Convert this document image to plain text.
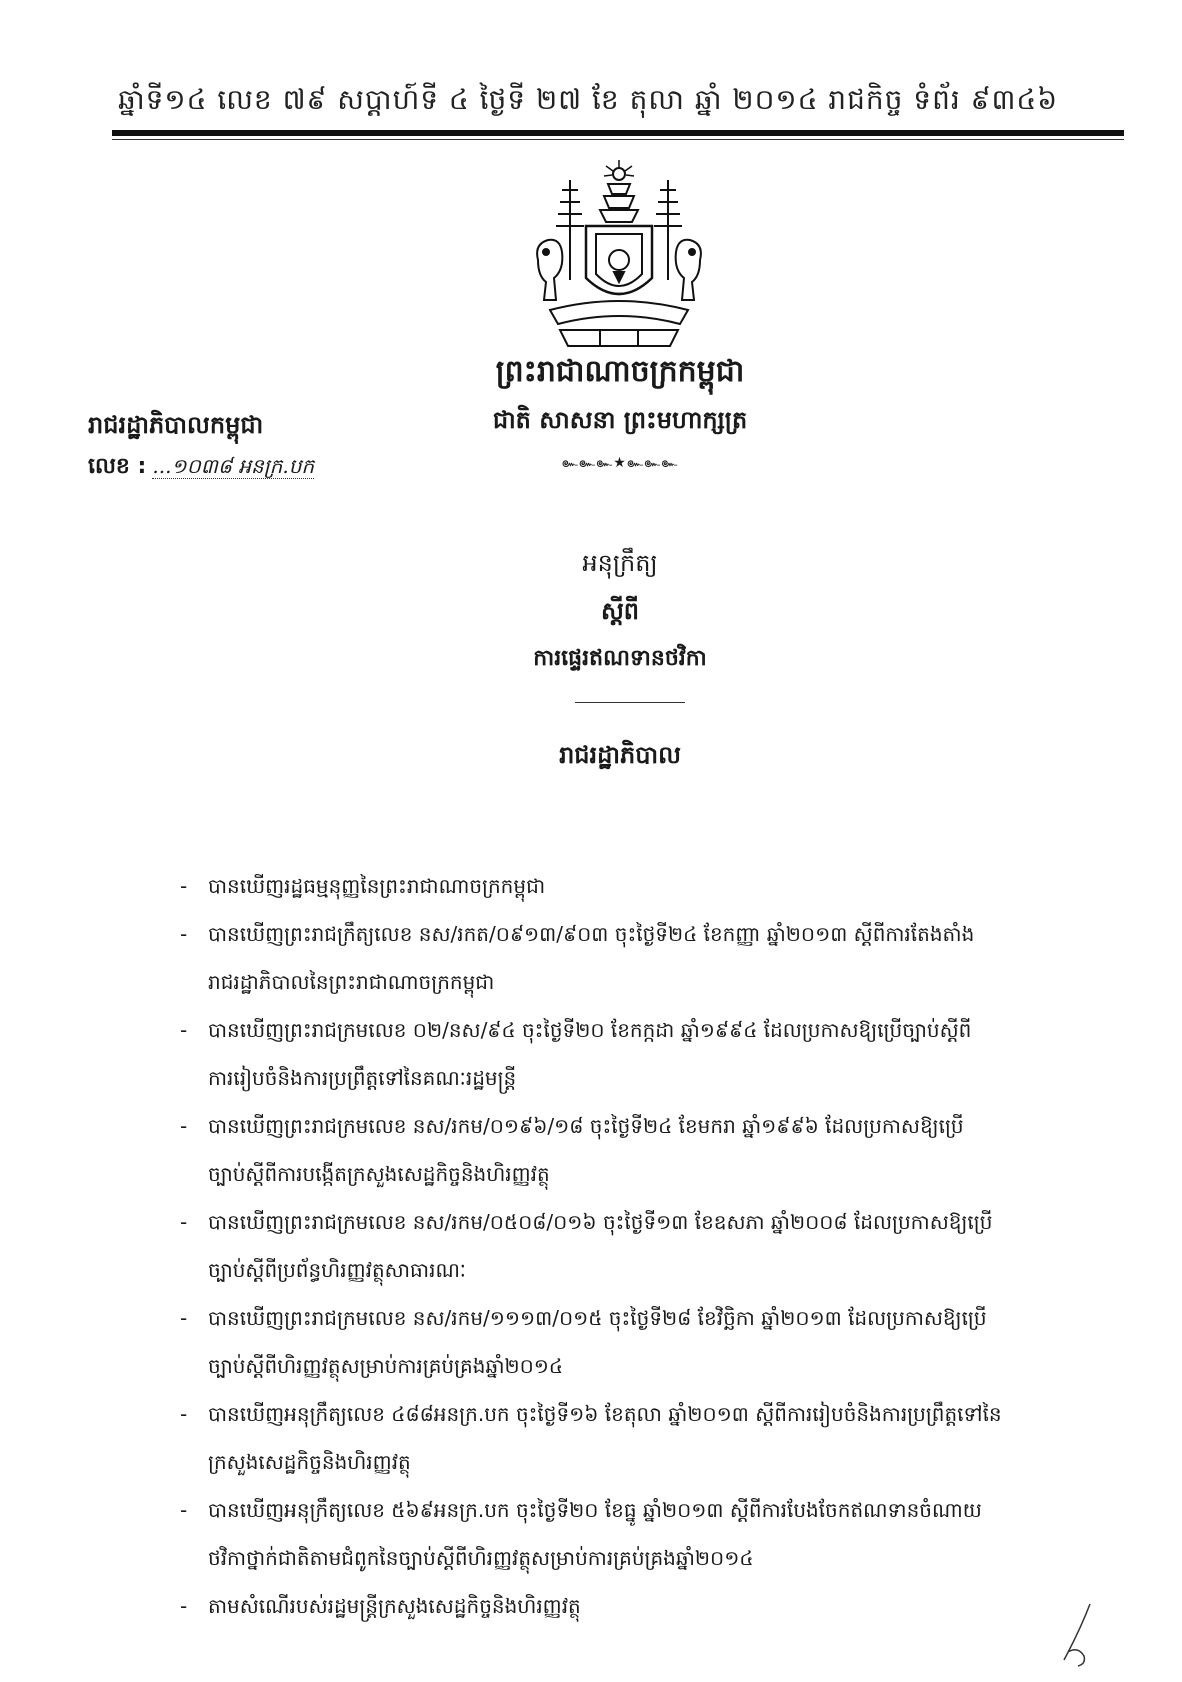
ឆ្នាំទី១៤ លេខ ៧៩ សប្តាហ៍ទី ៤ ថ្ងៃទី ២៧ ខែ តុលា ឆ្នាំ ២០១៤ រាជកិច្ច ទំព័រ ៩៣៤៦
ព្រះរាជាណាចក្រកម្ពុជា
ជាតិ សាសនា ព្រះមហាក្សត្រ
๛๛๛★๛๛๛
រាជរដ្ឋាភិបាលកម្ពុជា
លេខ : ...១០៣៨ អនក្រ.បក
អនុក្រឹត្យ
ស្តីពី
ការផ្ទេរឥណទានថវិកា
រាជរដ្ឋាភិបាល
- បានឃើញរដ្ឋធម្មនុញ្ញនៃព្រះរាជាណាចក្រកម្ពុជា
- បានឃើញព្រះរាជក្រឹត្យលេខ នស/រកត/០៩១៣/៩០៣ ចុះថ្ងៃទី២៤ ខែកញ្ញា ឆ្នាំ២០១៣ ស្តីពីការតែងតាំង
រាជរដ្ឋាភិបាលនៃព្រះរាជាណាចក្រកម្ពុជា
- បានឃើញព្រះរាជក្រមលេខ ០២/នស/៩៤ ចុះថ្ងៃទី២០ ខែកក្កដា ឆ្នាំ១៩៩៤ ដែលប្រកាសឱ្យប្រើច្បាប់ស្តីពី
ការរៀបចំនិងការប្រព្រឹត្តទៅនៃគណៈរដ្ឋមន្ត្រី
- បានឃើញព្រះរាជក្រមលេខ នស/រកម/០១៩៦/១៨ ចុះថ្ងៃទី២៤ ខែមករា ឆ្នាំ១៩៩៦ ដែលប្រកាសឱ្យប្រើ
ច្បាប់ស្តីពីការបង្កើតក្រសួងសេដ្ឋកិច្ចនិងហិរញ្ញវត្ថុ
- បានឃើញព្រះរាជក្រមលេខ នស/រកម/០៥០៨/០១៦ ចុះថ្ងៃទី១៣ ខែឧសភា ឆ្នាំ២០០៨ ដែលប្រកាសឱ្យប្រើ
ច្បាប់ស្តីពីប្រព័ន្ធហិរញ្ញវត្ថុសាធារណៈ
- បានឃើញព្រះរាជក្រមលេខ នស/រកម/១១១៣/០១៥ ចុះថ្ងៃទី២៨ ខែវិច្ឆិកា ឆ្នាំ២០១៣ ដែលប្រកាសឱ្យប្រើ
ច្បាប់ស្តីពីហិរញ្ញវត្ថុសម្រាប់ការគ្រប់គ្រងឆ្នាំ២០១៤
- បានឃើញអនុក្រឹត្យលេខ ៤៨៨អនក្រ.បក ចុះថ្ងៃទី១៦ ខែតុលា ឆ្នាំ២០១៣ ស្តីពីការរៀបចំនិងការប្រព្រឹត្តទៅនៃ
ក្រសួងសេដ្ឋកិច្ចនិងហិរញ្ញវត្ថុ
- បានឃើញអនុក្រឹត្យលេខ ៥៦៩អនក្រ.បក ចុះថ្ងៃទី២០ ខែធ្នូ ឆ្នាំ២០១៣ ស្តីពីការបែងចែកឥណទានចំណាយ
ថវិកាថ្នាក់ជាតិតាមជំពូកនៃច្បាប់ស្តីពីហិរញ្ញវត្ថុសម្រាប់ការគ្រប់គ្រងឆ្នាំ២០១៤
- តាមសំណើរបស់រដ្ឋមន្ត្រីក្រសួងសេដ្ឋកិច្ចនិងហិរញ្ញវត្ថុ
